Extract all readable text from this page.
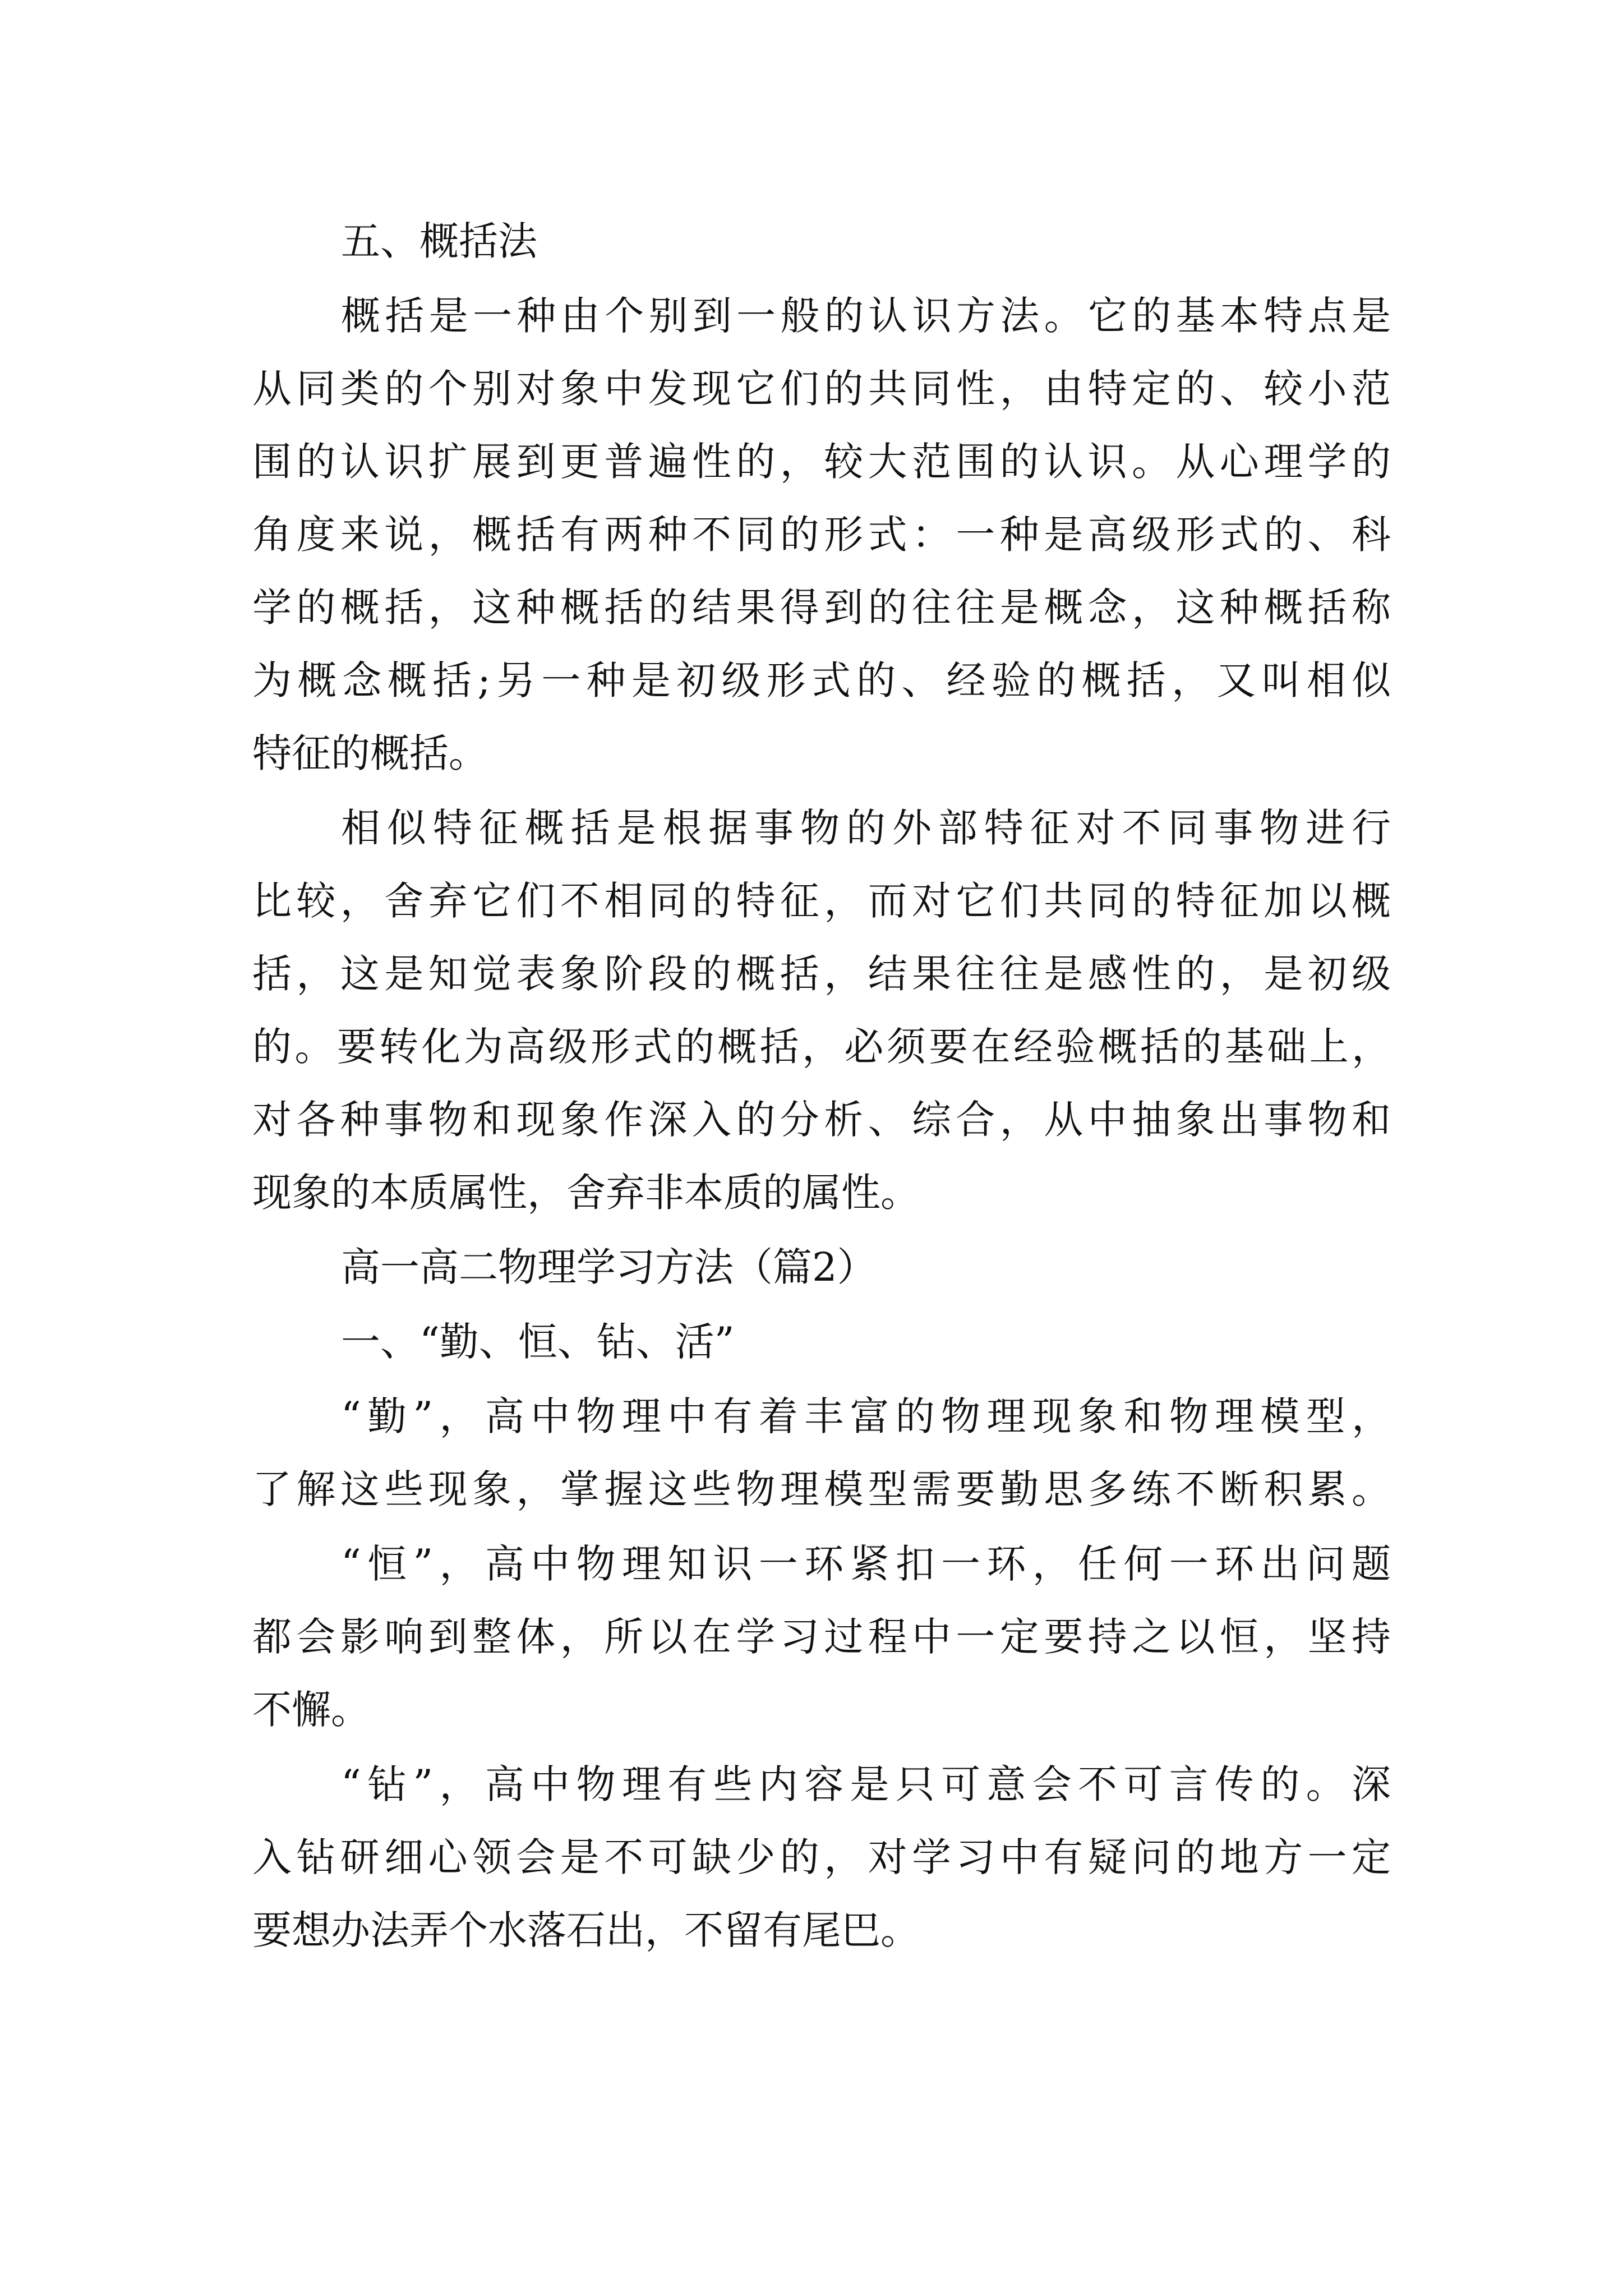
五、概括法
概括是一种由个别到一般的认识方法。它的基本特点是
从同类的个别对象中发现它们的共同性，由特定的、较小范
围的认识扩展到更普遍性的，较大范围的认识。从心理学的
角度来说，概括有两种不同的形式：一种是高级形式的、科
学的概括，这种概括的结果得到的往往是概念，这种概括称
为概念概括;另一种是初级形式的、经验的概括，又叫相似
特征的概括。
相似特征概括是根据事物的外部特征对不同事物进行
比较，舍弃它们不相同的特征，而对它们共同的特征加以概
括，这是知觉表象阶段的概括，结果往往是感性的，是初级
的。要转化为高级形式的概括，必须要在经验概括的基础上，
对各种事物和现象作深入的分析、综合，从中抽象出事物和
现象的本质属性，舍弃非本质的属性。
高一高二物理学习方法（篇2）
一、“勤、恒、钻、活”
“勤”，高中物理中有着丰富的物理现象和物理模型，
了解这些现象，掌握这些物理模型需要勤思多练不断积累。
“恒”，高中物理知识一环紧扣一环，任何一环出问题
都会影响到整体，所以在学习过程中一定要持之以恒，坚持
不懈。
“钻”，高中物理有些内容是只可意会不可言传的。深
入钻研细心领会是不可缺少的，对学习中有疑问的地方一定
要想办法弄个水落石出，不留有尾巴。
